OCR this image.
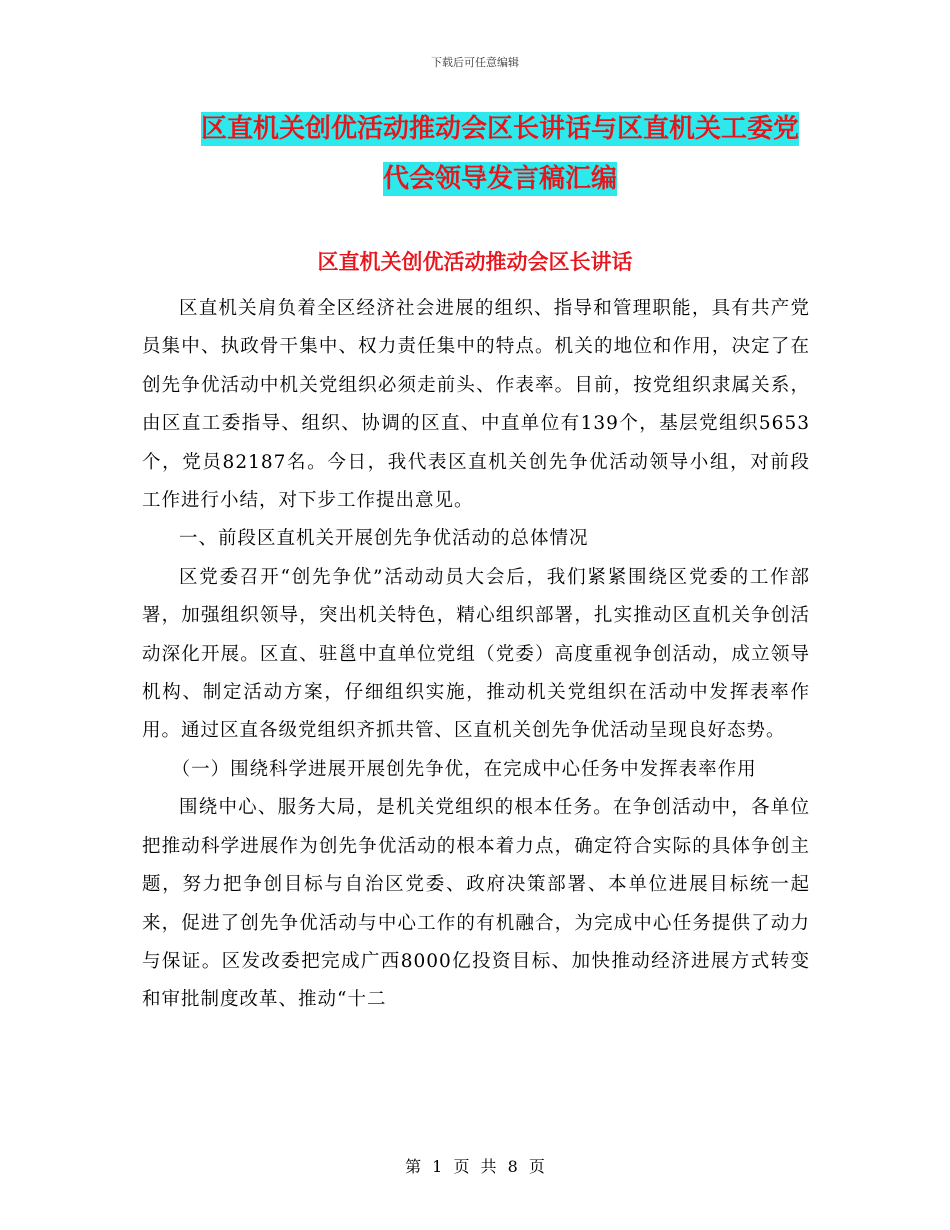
下载后可任意编辑
区直机关创优活动推动会区长讲话与区直机关工委党
代会领导发言稿汇编
区直机关创优活动推动会区长讲话

区直机关肩负着全区经济社会进展的组织、指导和管理职能，具有共产党员集中、执政骨干集中、权力责任集中的特点。机关的地位和作用，决定了在创先争优活动中机关党组织必须走前头、作表率。目前，按党组织隶属关系，由区直工委指导、组织、协调的区直、中直单位有139个，基层党组织5653个，党员82187名。今日，我代表区直机关创先争优活动领导小组，对前段工作进行小结，对下步工作提出意见。

一、前段区直机关开展创先争优活动的总体情况

区党委召开“创先争优”活动动员大会后，我们紧紧围绕区党委的工作部署，加强组织领导，突出机关特色，精心组织部署，扎实推动区直机关争创活动深化开展。区直、驻邕中直单位党组（党委）高度重视争创活动，成立领导机构、制定活动方案，仔细组织实施，推动机关党组织在活动中发挥表率作用。通过区直各级党组织齐抓共管、区直机关创先争优活动呈现良好态势。

（一）围绕科学进展开展创先争优，在完成中心任务中发挥表率作用

围绕中心、服务大局，是机关党组织的根本任务。在争创活动中，各单位把推动科学进展作为创先争优活动的根本着力点，确定符合实际的具体争创主题，努力把争创目标与自治区党委、政府决策部署、本单位进展目标统一起来，促进了创先争优活动与中心工作的有机融合，为完成中心任务提供了动力与保证。区发改委把完成广西8000亿投资目标、加快推动经济进展方式转变和审批制度改革、推动“十二

第 1 页 共 8 页
